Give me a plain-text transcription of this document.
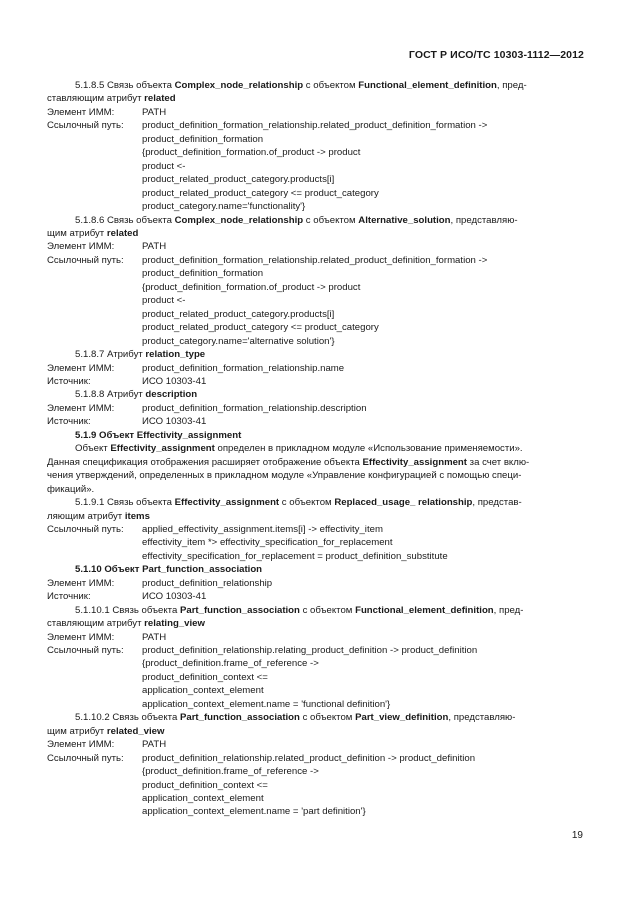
ГОСТ Р ИСО/ТС 10303-1112—2012
5.1.8.5 Связь объекта Complex_node_relationship с объектом Functional_element_definition, пред-
ставляющим атрибут related
Элемент ИММ:	PATH
Ссылочный путь:	product_definition_formation_relationship.related_product_definition_formation ->
product_definition_formation
{product_definition_formation.of_product -> product
product <-
product_related_product_category.products[i]
product_related_product_category <= product_category
product_category.name='functionality'}
5.1.8.6 Связь объекта Complex_node_relationship с объектом Alternative_solution, представляю-
щим атрибут related
Элемент ИММ:	PATH
Ссылочный путь:	product_definition_formation_relationship.related_product_definition_formation ->
product_definition_formation
{product_definition_formation.of_product -> product
product <-
product_related_product_category.products[i]
product_related_product_category <= product_category
product_category.name='alternative solution'}
5.1.8.7 Атрибут relation_type
Элемент ИММ:	product_definition_formation_relationship.name
Источник:	ИСО 10303-41
5.1.8.8 Атрибут description
Элемент ИММ:	product_definition_formation_relationship.description
Источник:	ИСО 10303-41
5.1.9 Объект Effectivity_assignment
Объект Effectivity_assignment определен в прикладном модуле «Использование применяемости».
Данная спецификация отображения расширяет отображение объекта Effectivity_assignment за счет вклю-
чения утверждений, определенных в прикладном модуле «Управление конфигурацией с помощью специ-
фикаций».
5.1.9.1 Связь объекта Effectivity_assignment с объектом Replaced_usage_ relationship, представ-
ляющим атрибут items
Ссылочный путь:	applied_effectivity_assignment.items[i] -> effectivity_item
effectivity_item *> effectivity_specification_for_replacement
effectivity_specification_for_replacement = product_definition_substitute
5.1.10 Объект Part_function_association
Элемент ИММ:	product_definition_relationship
Источник:	ИСО 10303-41
5.1.10.1 Связь объекта Part_function_association с объектом Functional_element_definition, пред-
ставляющим атрибут relating_view
Элемент ИММ:	PATH
Ссылочный путь:	product_definition_relationship.relating_product_definition -> product_definition
{product_definition.frame_of_reference ->
product_definition_context <=
application_context_element
application_context_element.name = 'functional definition'}
5.1.10.2 Связь объекта Part_function_association с объектом Part_view_definition, представляю-
щим атрибут related_view
Элемент ИММ:	PATH
Ссылочный путь:	product_definition_relationship.related_product_definition -> product_definition
{product_definition.frame_of_reference ->
product_definition_context <=
application_context_element
application_context_element.name = 'part definition'}
19
